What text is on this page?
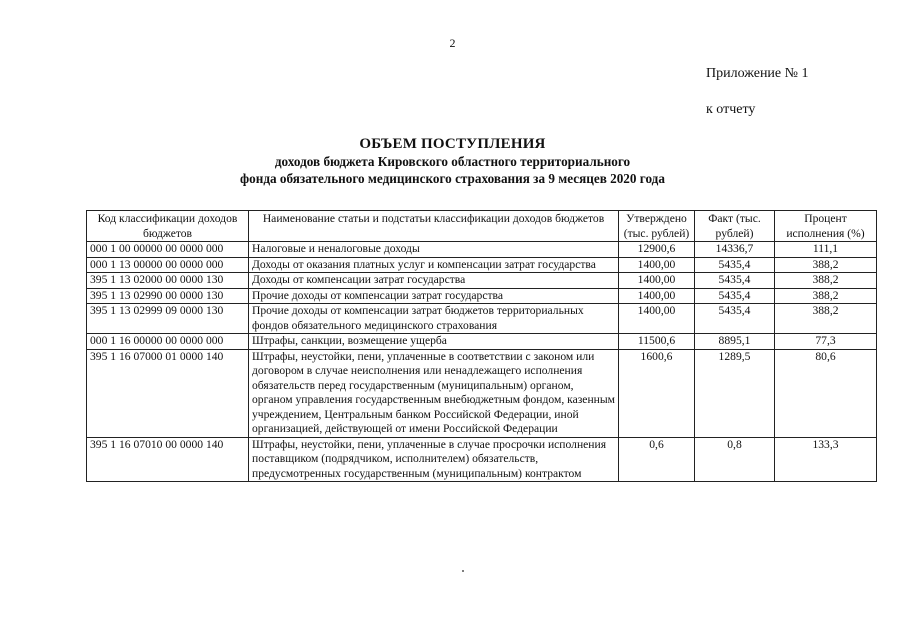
2
Приложение № 1
к отчету
ОБЪЕМ ПОСТУПЛЕНИЯ
доходов бюджета Кировского областного территориального
фонда обязательного медицинского страхования за 9 месяцев 2020 года
Код классификации доходов бюджетов	Наименование статьи и подстатьи классификации доходов бюджетов	Утверждено (тыс. рублей)	Факт (тыс. рублей)	Процент исполнения (%)
000 1 00 00000 00 0000 000	Налоговые и неналоговые доходы	12900,6	14336,7	111,1
000 1 13 00000 00 0000 000	Доходы от оказания платных услуг и компенсации затрат государства	1400,00	5435,4	388,2
395 1 13 02000 00 0000 130	Доходы от компенсации затрат государства	1400,00	5435,4	388,2
395 1 13 02990 00 0000 130	Прочие доходы от компенсации затрат государства	1400,00	5435,4	388,2
395 1 13 02999 09 0000 130	Прочие доходы от компенсации затрат бюджетов территориальных фондов обязательного медицинского страхования	1400,00	5435,4	388,2
000 1 16 00000 00 0000 000	Штрафы, санкции, возмещение ущерба	11500,6	8895,1	77,3
395 1 16 07000 01 0000 140	Штрафы, неустойки, пени, уплаченные в соответствии с законом или договором в случае неисполнения или ненадлежащего исполнения обязательств перед государственным (муниципальным) органом, органом управления государственным внебюджетным фондом, казенным учреждением, Центральным банком Российской Федерации, иной организацией, действующей от имени Российской Федерации	1600,6	1289,5	80,6
395 1 16 07010 00 0000 140	Штрафы, неустойки, пени, уплаченные в случае просрочки исполнения поставщиком (подрядчиком, исполнителем) обязательств, предусмотренных государственным (муниципальным) контрактом	0,6	0,8	133,3
